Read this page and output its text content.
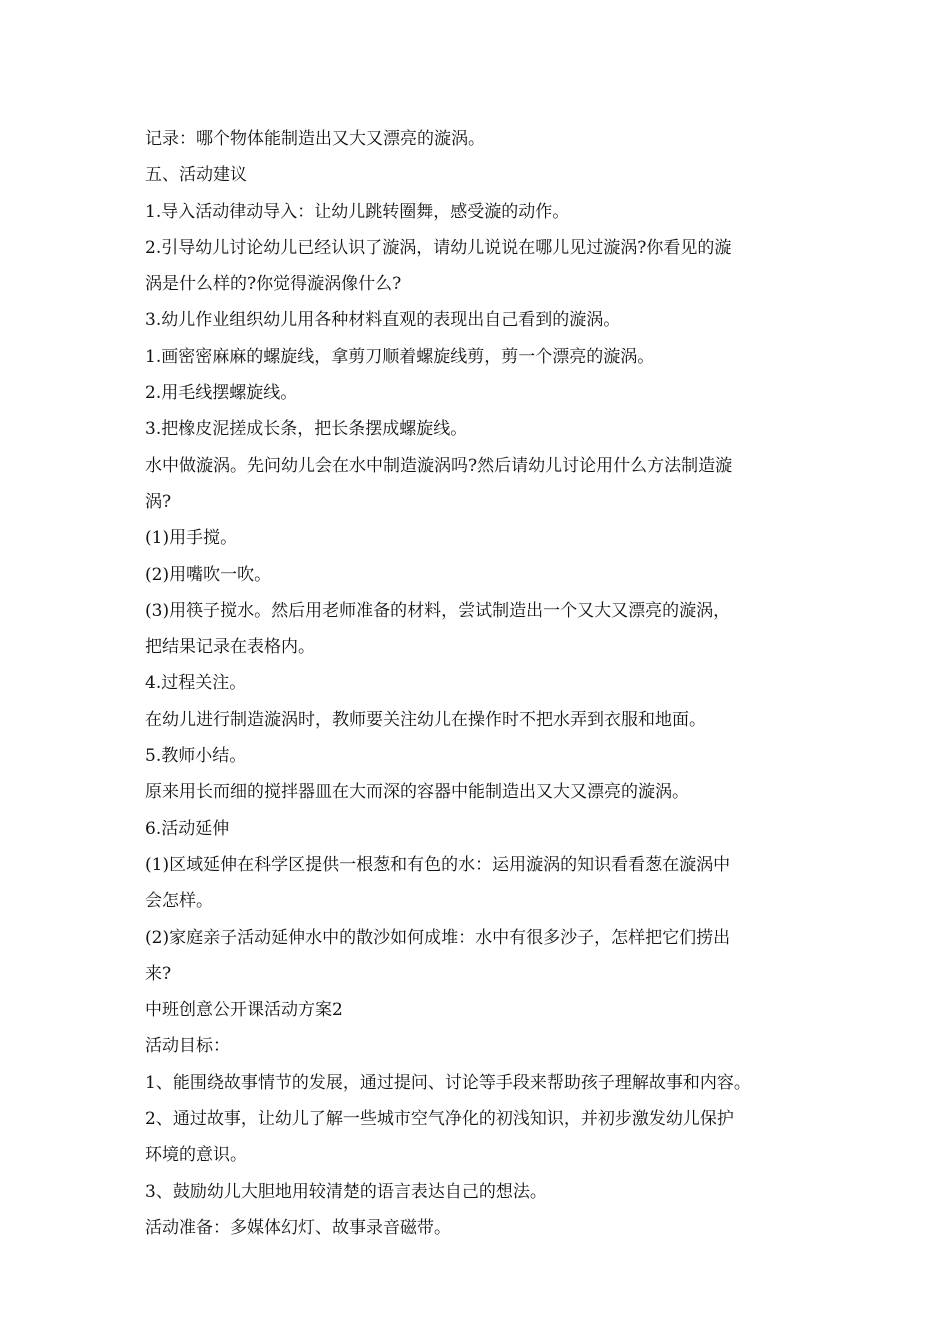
记录：哪个物体能制造出又大又漂亮的漩涡。

五、活动建议

1.导入活动律动导入：让幼儿跳转圈舞，感受漩的动作。

2.引导幼儿讨论幼儿已经认识了漩涡，请幼儿说说在哪儿见过漩涡?你看见的漩

涡是什么样的?你觉得漩涡像什么?

3.幼儿作业组织幼儿用各种材料直观的表现出自己看到的漩涡。

1.画密密麻麻的螺旋线，拿剪刀顺着螺旋线剪，剪一个漂亮的漩涡。

2.用毛线摆螺旋线。

3.把橡皮泥搓成长条，把长条摆成螺旋线。

水中做漩涡。先问幼儿会在水中制造漩涡吗?然后请幼儿讨论用什么方法制造漩

涡?

(1)用手搅。

(2)用嘴吹一吹。

(3)用筷子搅水。然后用老师准备的材料，尝试制造出一个又大又漂亮的漩涡，

把结果记录在表格内。

4.过程关注。

在幼儿进行制造漩涡时，教师要关注幼儿在操作时不把水弄到衣服和地面。

5.教师小结。

原来用长而细的搅拌器皿在大而深的容器中能制造出又大又漂亮的漩涡。

6.活动延伸

(1)区域延伸在科学区提供一根葱和有色的水：运用漩涡的知识看看葱在漩涡中

会怎样。

(2)家庭亲子活动延伸水中的散沙如何成堆：水中有很多沙子，怎样把它们捞出

来?

中班创意公开课活动方案2

活动目标：

1、能围绕故事情节的发展，通过提问、讨论等手段来帮助孩子理解故事和内容。

2、通过故事，让幼儿了解一些城市空气净化的初浅知识，并初步激发幼儿保护

环境的意识。

3、鼓励幼儿大胆地用较清楚的语言表达自己的想法。

活动准备：多媒体幻灯、故事录音磁带。
